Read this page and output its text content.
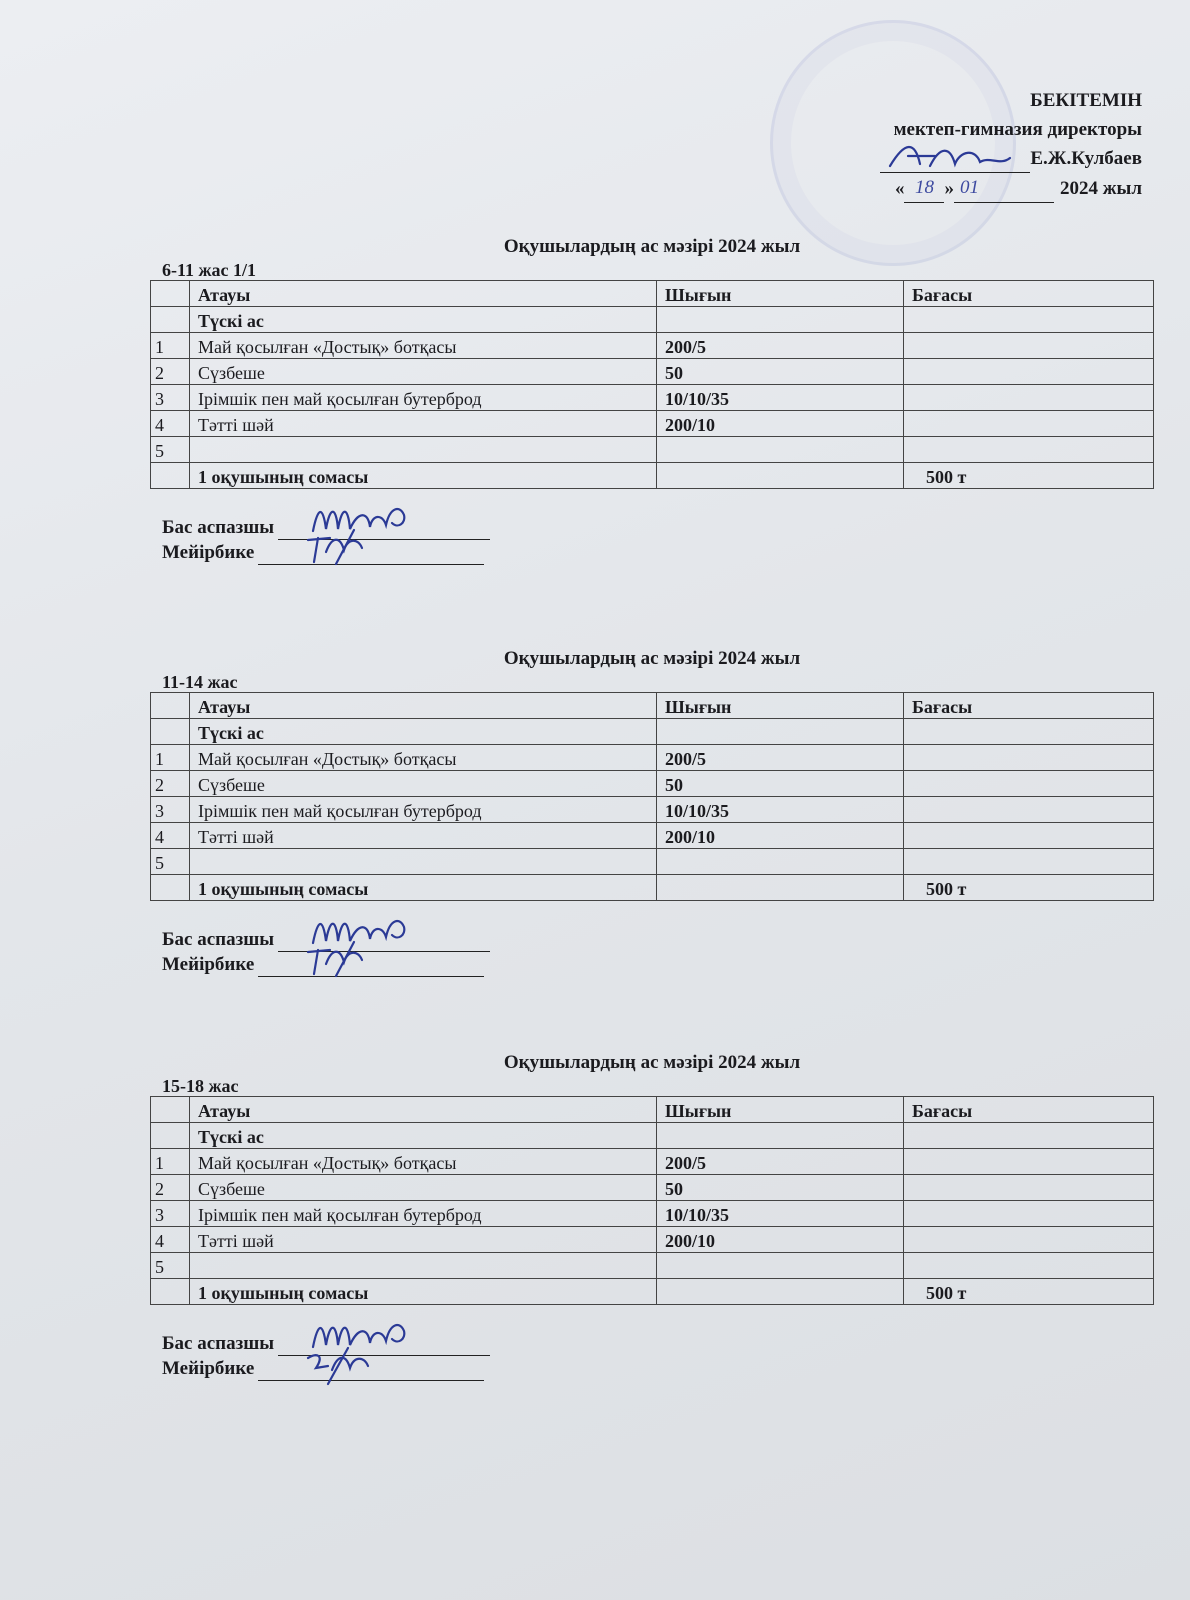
БЕКІТЕМІН
мектеп-гимназия директоры
Е.Ж.Кулбаев
« 18 » 01	2024 жыл
Оқушылардың ас мәзірі 2024 жыл
6-11 жас 1/1
	Атауы	Шығын	Бағасы
	Түскі ас		
1	Май қосылған «Достық» ботқасы	200/5	
2	Сүзбеше	50	
3	Ірімшік пен май қосылған бутерброд	10/10/35	
4	Тәтті шәй	200/10	
5			
	1 оқушының сомасы		500 т
Бас аспазшы
Мейірбике
Оқушылардың ас мәзірі 2024 жыл
11-14 жас
	Атауы	Шығын	Бағасы
	Түскі ас		
1	Май қосылған «Достық» ботқасы	200/5	
2	Сүзбеше	50	
3	Ірімшік пен май қосылған бутерброд	10/10/35	
4	Тәтті шәй	200/10	
5			
	1 оқушының сомасы		500 т
Бас аспазшы
Мейірбике
Оқушылардың ас мәзірі 2024 жыл
15-18 жас
	Атауы	Шығын	Бағасы
	Түскі ас		
1	Май қосылған «Достық» ботқасы	200/5	
2	Сүзбеше	50	
3	Ірімшік пен май қосылған бутерброд	10/10/35	
4	Тәтті шәй	200/10	
5			
	1 оқушының сомасы		500 т
Бас аспазшы
Мейірбике
